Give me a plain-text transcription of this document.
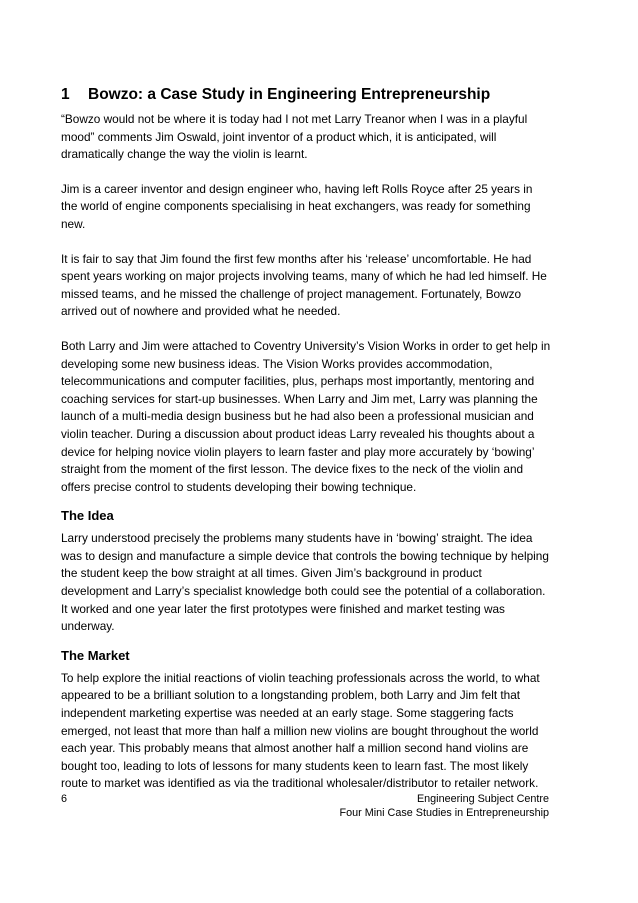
1 Bowzo: a Case Study in Engineering Entrepreneurship

“Bowzo would not be where it is today had I not met Larry Treanor when I was in a playful mood” comments Jim Oswald, joint inventor of a product which, it is anticipated, will dramatically change the way the violin is learnt.

Jim is a career inventor and design engineer who, having left Rolls Royce after 25 years in the world of engine components specialising in heat exchangers, was ready for something new.

It is fair to say that Jim found the first few months after his ‘release’ uncomfortable. He had spent years working on major projects involving teams, many of which he had led himself. He missed teams, and he missed the challenge of project management. Fortunately, Bowzo arrived out of nowhere and provided what he needed.

Both Larry and Jim were attached to Coventry University’s Vision Works in order to get help in developing some new business ideas. The Vision Works provides accommodation, telecommunications and computer facilities, plus, perhaps most importantly, mentoring and coaching services for start-up businesses. When Larry and Jim met, Larry was planning the launch of a multi-media design business but he had also been a professional musician and violin teacher. During a discussion about product ideas Larry revealed his thoughts about a device for helping novice violin players to learn faster and play more accurately by ‘bowing’ straight from the moment of the first lesson. The device fixes to the neck of the violin and offers precise control to students developing their bowing technique.

The Idea

Larry understood precisely the problems many students have in ‘bowing’ straight. The idea was to design and manufacture a simple device that controls the bowing technique by helping the student keep the bow straight at all times. Given Jim’s background in product development and Larry’s specialist knowledge both could see the potential of a collaboration. It worked and one year later the first prototypes were finished and market testing was underway.

The Market

To help explore the initial reactions of violin teaching professionals across the world, to what appeared to be a brilliant solution to a longstanding problem, both Larry and Jim felt that independent marketing expertise was needed at an early stage. Some staggering facts emerged, not least that more than half a million new violins are bought throughout the world each year. This probably means that almost another half a million second hand violins are bought too, leading to lots of lessons for many students keen to learn fast. The most likely route to market was identified as via the traditional wholesaler/distributor to retailer network.

6	Engineering Subject Centre
Four Mini Case Studies in Entrepreneurship
